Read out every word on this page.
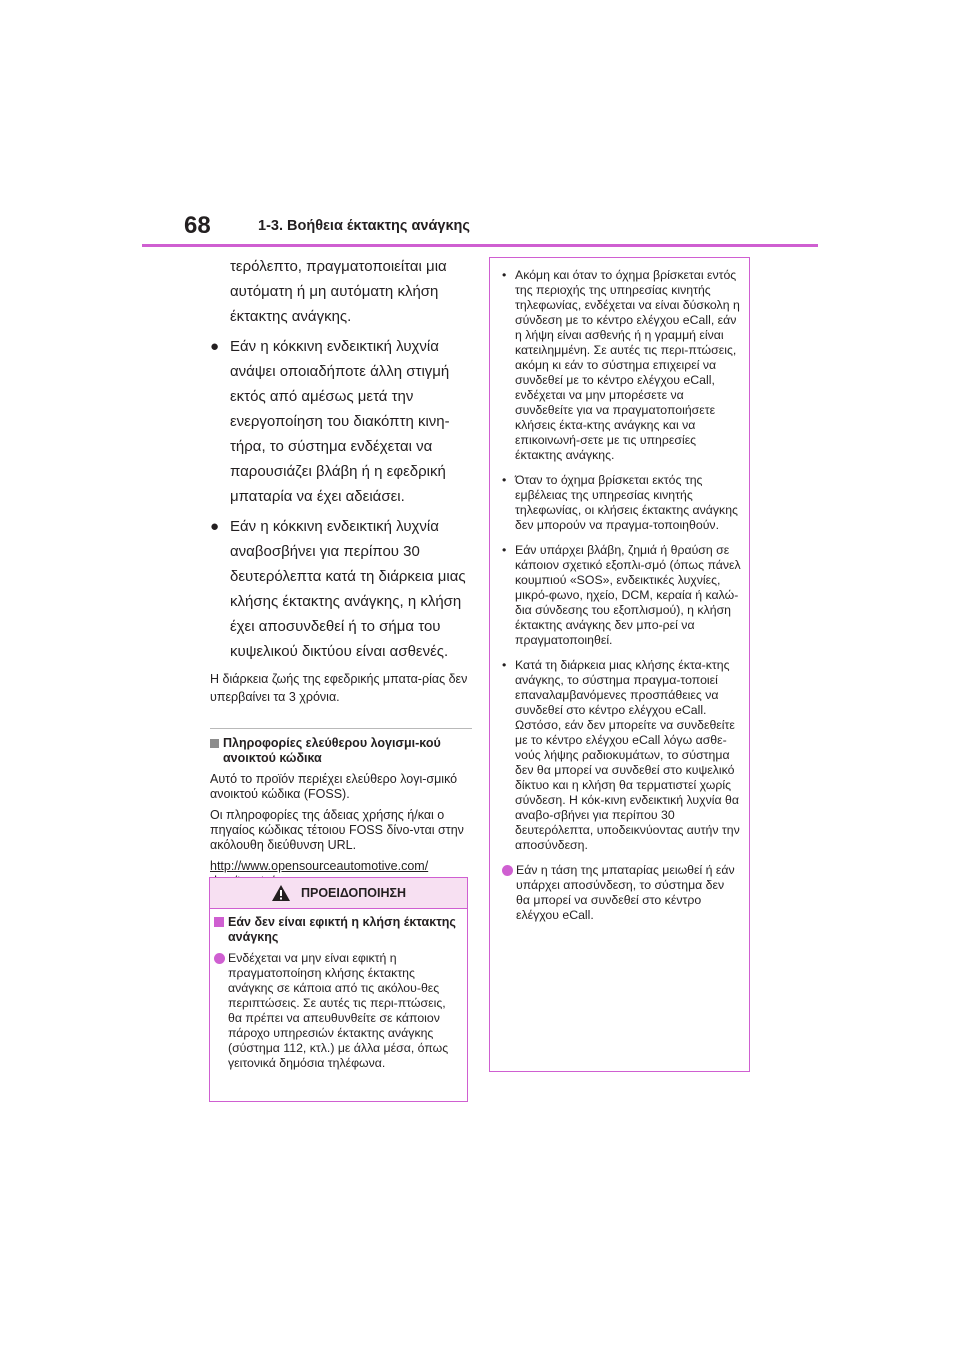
68	1-3. Βοήθεια έκτακτης ανάγκης

τερόλεπτο, πραγματοποιείται μια αυτόματη ή μη αυτόματη κλήση έκτακτης ανάγκης.

● Εάν η κόκκινη ενδεικτική λυχνία ανάψει οποιαδήποτε άλλη στιγμή εκτός από αμέσως μετά την ενεργοποίηση του διακόπτη κινη-τήρα, το σύστημα ενδέχεται να παρουσιάζει βλάβη ή η εφεδρική μπαταρία να έχει αδειάσει.

● Εάν η κόκκινη ενδεικτική λυχνία αναβοσβήνει για περίπου 30 δευτερόλεπτα κατά τη διάρκεια μιας κλήσης έκτακτης ανάγκης, η κλήση έχει αποσυνδεθεί ή το σήμα του κυψελικού δικτύου είναι ασθενές.

Η διάρκεια ζωής της εφεδρικής μπατα-ρίας δεν υπερβαίνει τα 3 χρόνια.

Πληροφορίες ελεύθερου λογισμι-κού ανοικτού κώδικα

Αυτό το προϊόν περιέχει ελεύθερο λογι-σμικό ανοικτού κώδικα (FOSS).

Οι πληροφορίες της άδειας χρήσης ή/και ο πηγαίος κώδικας τέτοιου FOSS δίνο-νται στην ακόλουθη διεύθυνση URL.

http://www.opensourceautomotive.com/

ΠΡΟΕΙΔΟΠΟΙΗΣΗ
Εάν δεν είναι εφικτή η κλήση έκτακτης ανάγκης
Ενδέχεται να μην είναι εφικτή η πραγματοποίηση κλήσης έκτακτης ανάγκης σε κάποια από τις ακόλου-θες περιπτώσεις. Σε αυτές τις περι-πτώσεις, θα πρέπει να απευθυνθείτε σε κάποιον πάροχο υπηρεσιών έκτακτης ανάγκης (σύστημα 112, κτλ.) με άλλα μέσα, όπως γειτονικά δημόσια τηλέφωνα.
• Ακόμη και όταν το όχημα βρίσκεται εντός της περιοχής της υπηρεσίας κινητής τηλεφωνίας, ενδέχεται να είναι δύσκολη η σύνδεση με το κέντρο ελέγχου eCall, εάν η λήψη είναι ασθενής ή η γραμμή είναι κατειλημμένη. Σε αυτές τις περι-πτώσεις, ακόμη κι εάν το σύστημα επιχειρεί να συνδεθεί με το κέντρο ελέγχου eCall, ενδέχεται να μην μπορέσετε να συνδεθείτε για να πραγματοποιήσετε κλήσεις έκτα-κτης ανάγκης και να επικοινωνή-σετε με τις υπηρεσίες έκτακτης ανάγκης.
• Όταν το όχημα βρίσκεται εκτός της εμβέλειας της υπηρεσίας κινητής τηλεφωνίας, οι κλήσεις έκτακτης ανάγκης δεν μπορούν να πραγμα-τοποιηθούν.
• Εάν υπάρχει βλάβη, ζημιά ή θραύση σε κάποιον σχετικό εξοπλι-σμό (όπως πάνελ κουμπιού «SOS», ενδεικτικές λυχνίες, μικρό-φωνο, ηχείο, DCM, κεραία ή καλώ-δια σύνδεσης του εξοπλισμού), η κλήση έκτακτης ανάγκης δεν μπο-ρεί να πραγματοποιηθεί.
• Κατά τη διάρκεια μιας κλήσης έκτα-κτης ανάγκης, το σύστημα πραγμα-τοποιεί επαναλαμβανόμενες προσπάθειες να συνδεθεί στο κέντρο ελέγχου eCall. Ωστόσο, εάν δεν μπορείτε να συνδεθείτε με το κέντρο ελέγχου eCall λόγω ασθε-νούς λήψης ραδιοκυμάτων, το σύστημα δεν θα μπορεί να συνδεθεί στο κυψελικό δίκτυο και η κλήση θα τερματιστεί χωρίς σύνδεση. Η κόκ-κινη ενδεικτική λυχνία θα αναβο-σβήνει για περίπου 30 δευτερόλεπτα, υποδεικνύοντας αυτήν την αποσύνδεση.
Εάν η τάση της μπαταρίας μειωθεί ή εάν υπάρχει αποσύνδεση, το σύστημα δεν θα μπορεί να συνδεθεί στο κέντρο ελέγχου eCall.
